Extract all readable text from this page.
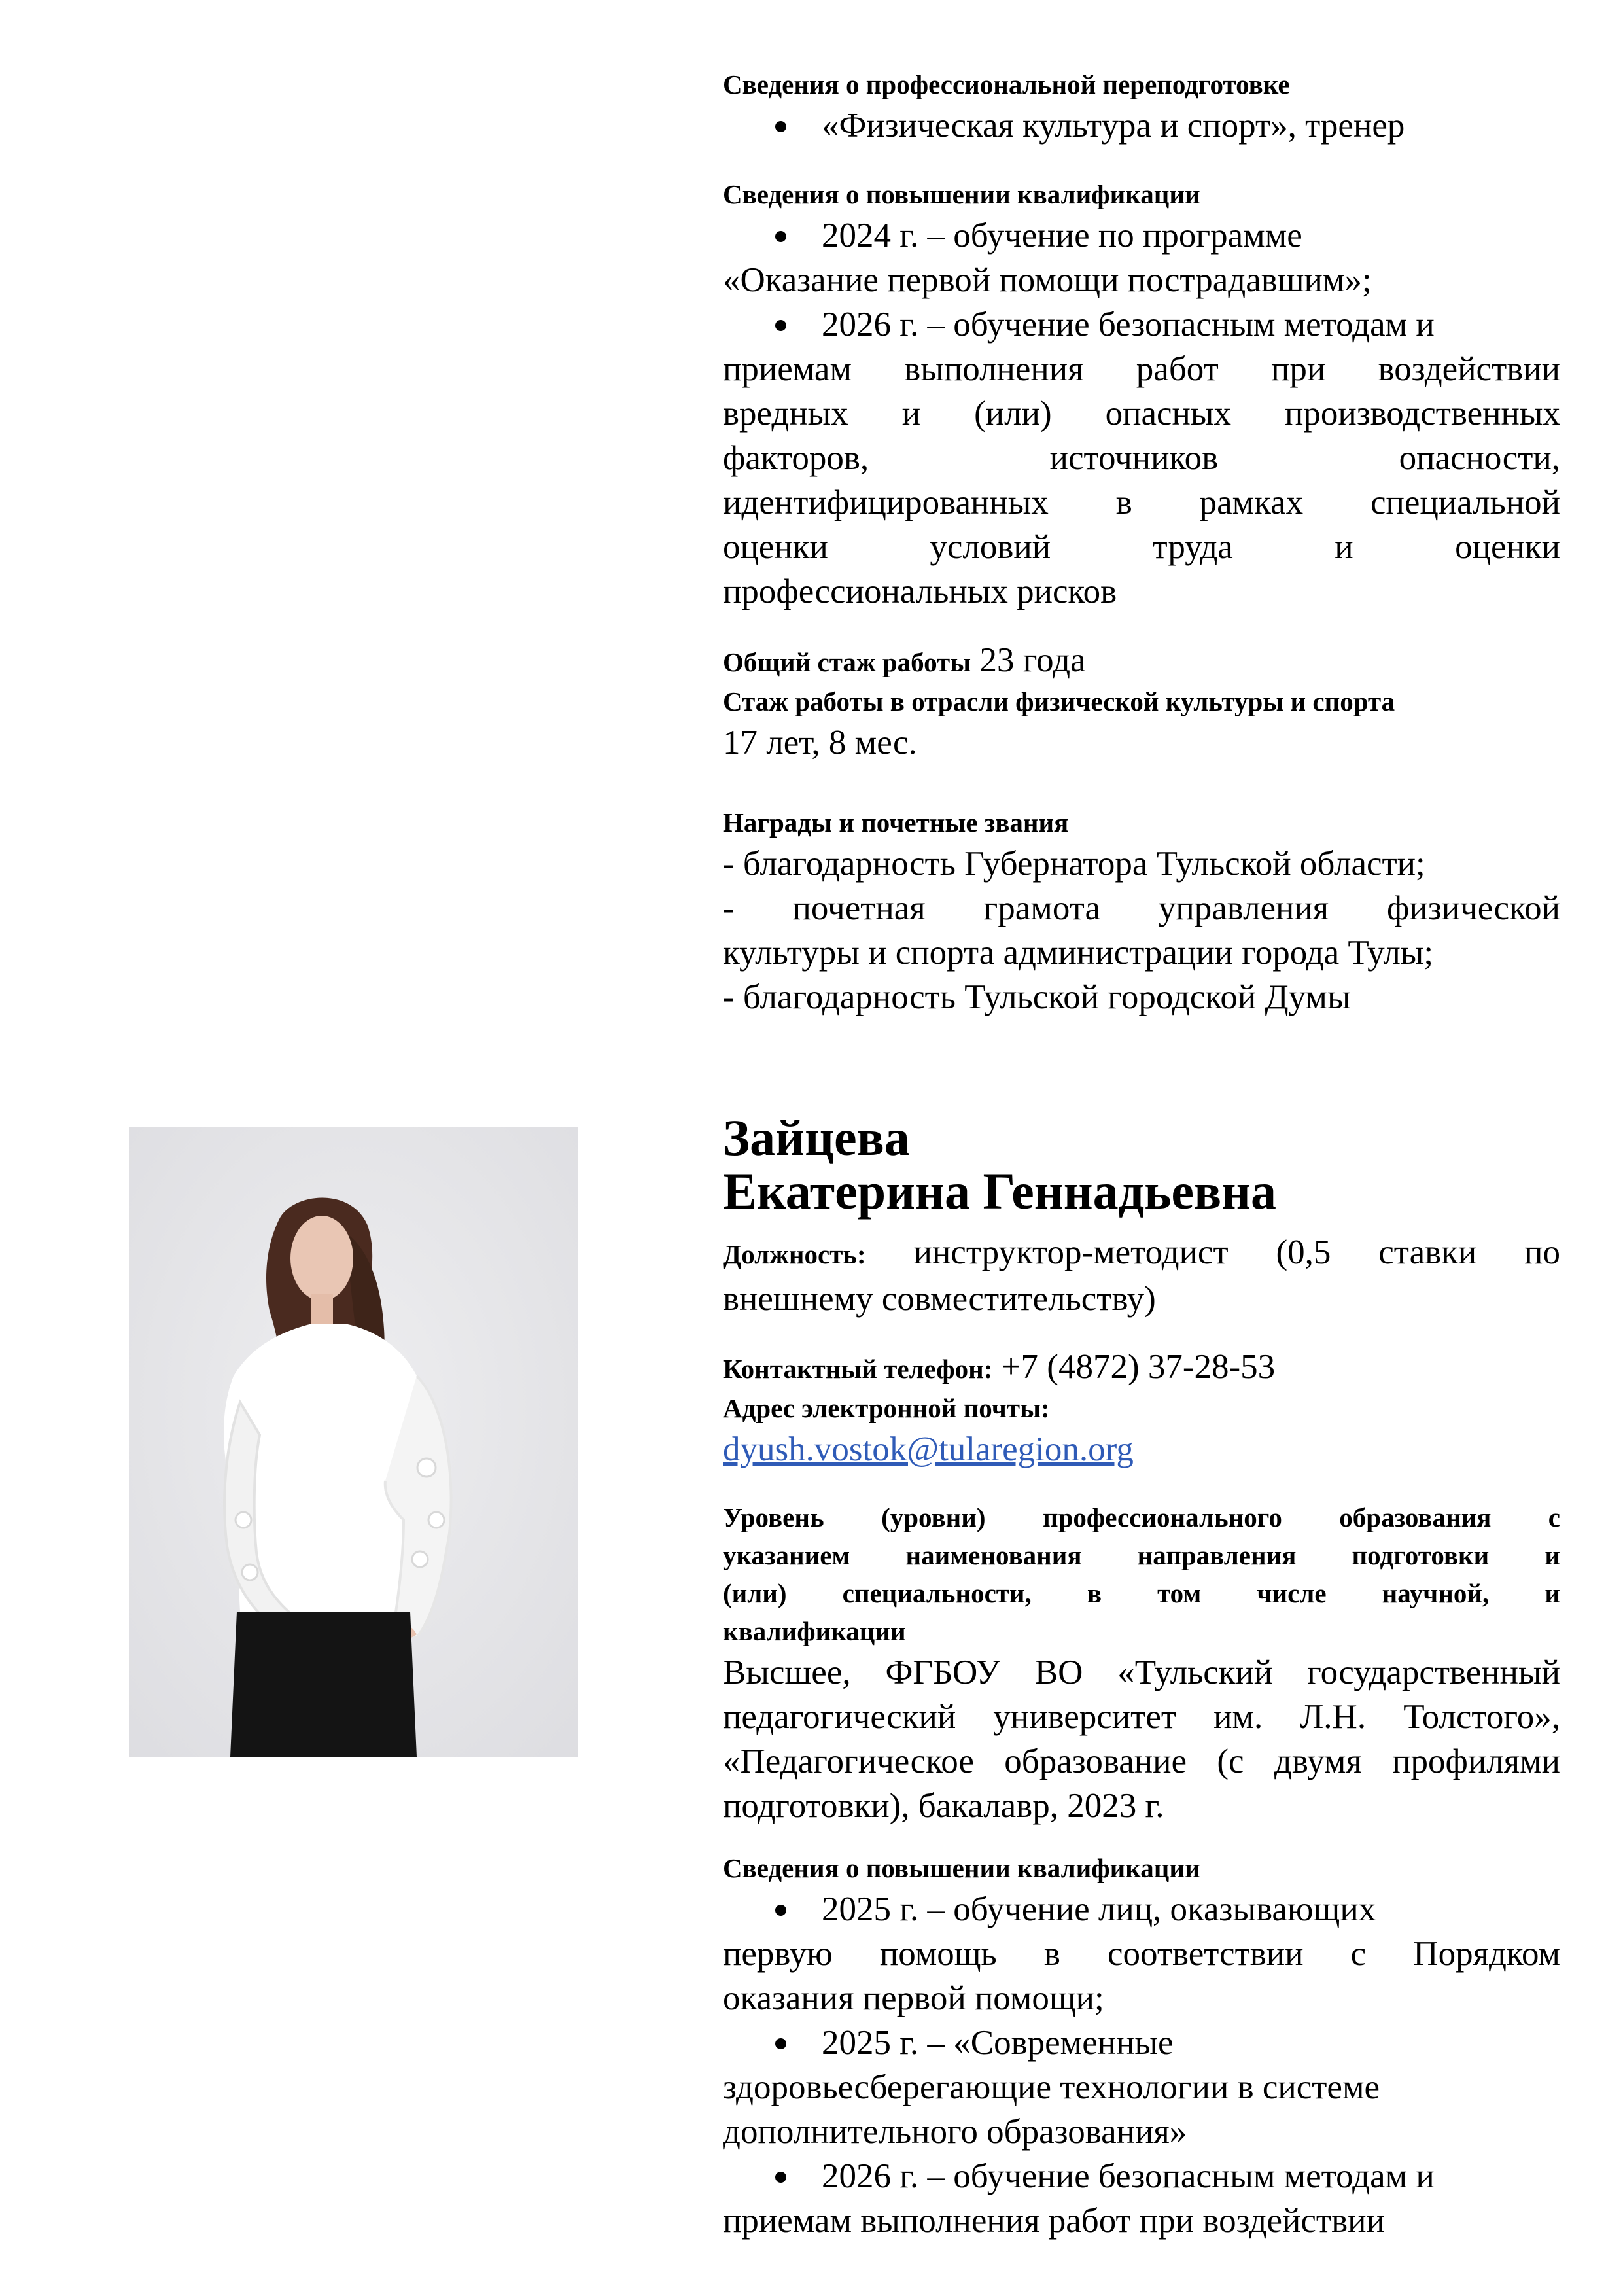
Сведения о профессиональной переподготовке
«Физическая культура и спорт», тренер
Сведения о повышении квалификации
2024 г. – обучение по программе
«Оказание первой помощи пострадавшим»;
2026 г. – обучение безопасным методам и
приемам выполнения работ при воздействии
вредных и (или) опасных производственных
факторов, источников опасности,
идентифицированных в рамках специальной
оценки условий труда и оценки
профессиональных рисков
Общий стаж работы 23 года
Стаж работы в отрасли физической культуры и спорта
17 лет, 8 мес.
Награды и почетные звания
- благодарность Губернатора Тульской области;
- почетная грамота управления физической
культуры и спорта администрации города Тулы;
- благодарность Тульской городской Думы
Зайцева
Екатерина Геннадьевна
Должность: инструктор-методист (0,5 ставки по
внешнему совместительству)
Контактный телефон: +7 (4872) 37-28-53
Адрес электронной почты:
dyush.vostok@tularegion.org
Уровень (уровни) профессионального образования с
указанием наименования направления подготовки и
(или) специальности, в том числе научной, и
квалификации
Высшее, ФГБОУ ВО «Тульский государственный
педагогический университет им. Л.Н. Толстого»,
«Педагогическое образование (с двумя профилями
подготовки), бакалавр, 2023 г.
Сведения о повышении квалификации
2025 г. – обучение лиц, оказывающих
первую помощь в соответствии с Порядком
оказания первой помощи;
2025 г. – «Современные
здоровьесберегающие технологии в системе
дополнительного образования»
2026 г. – обучение безопасным методам и
приемам выполнения работ при воздействии
